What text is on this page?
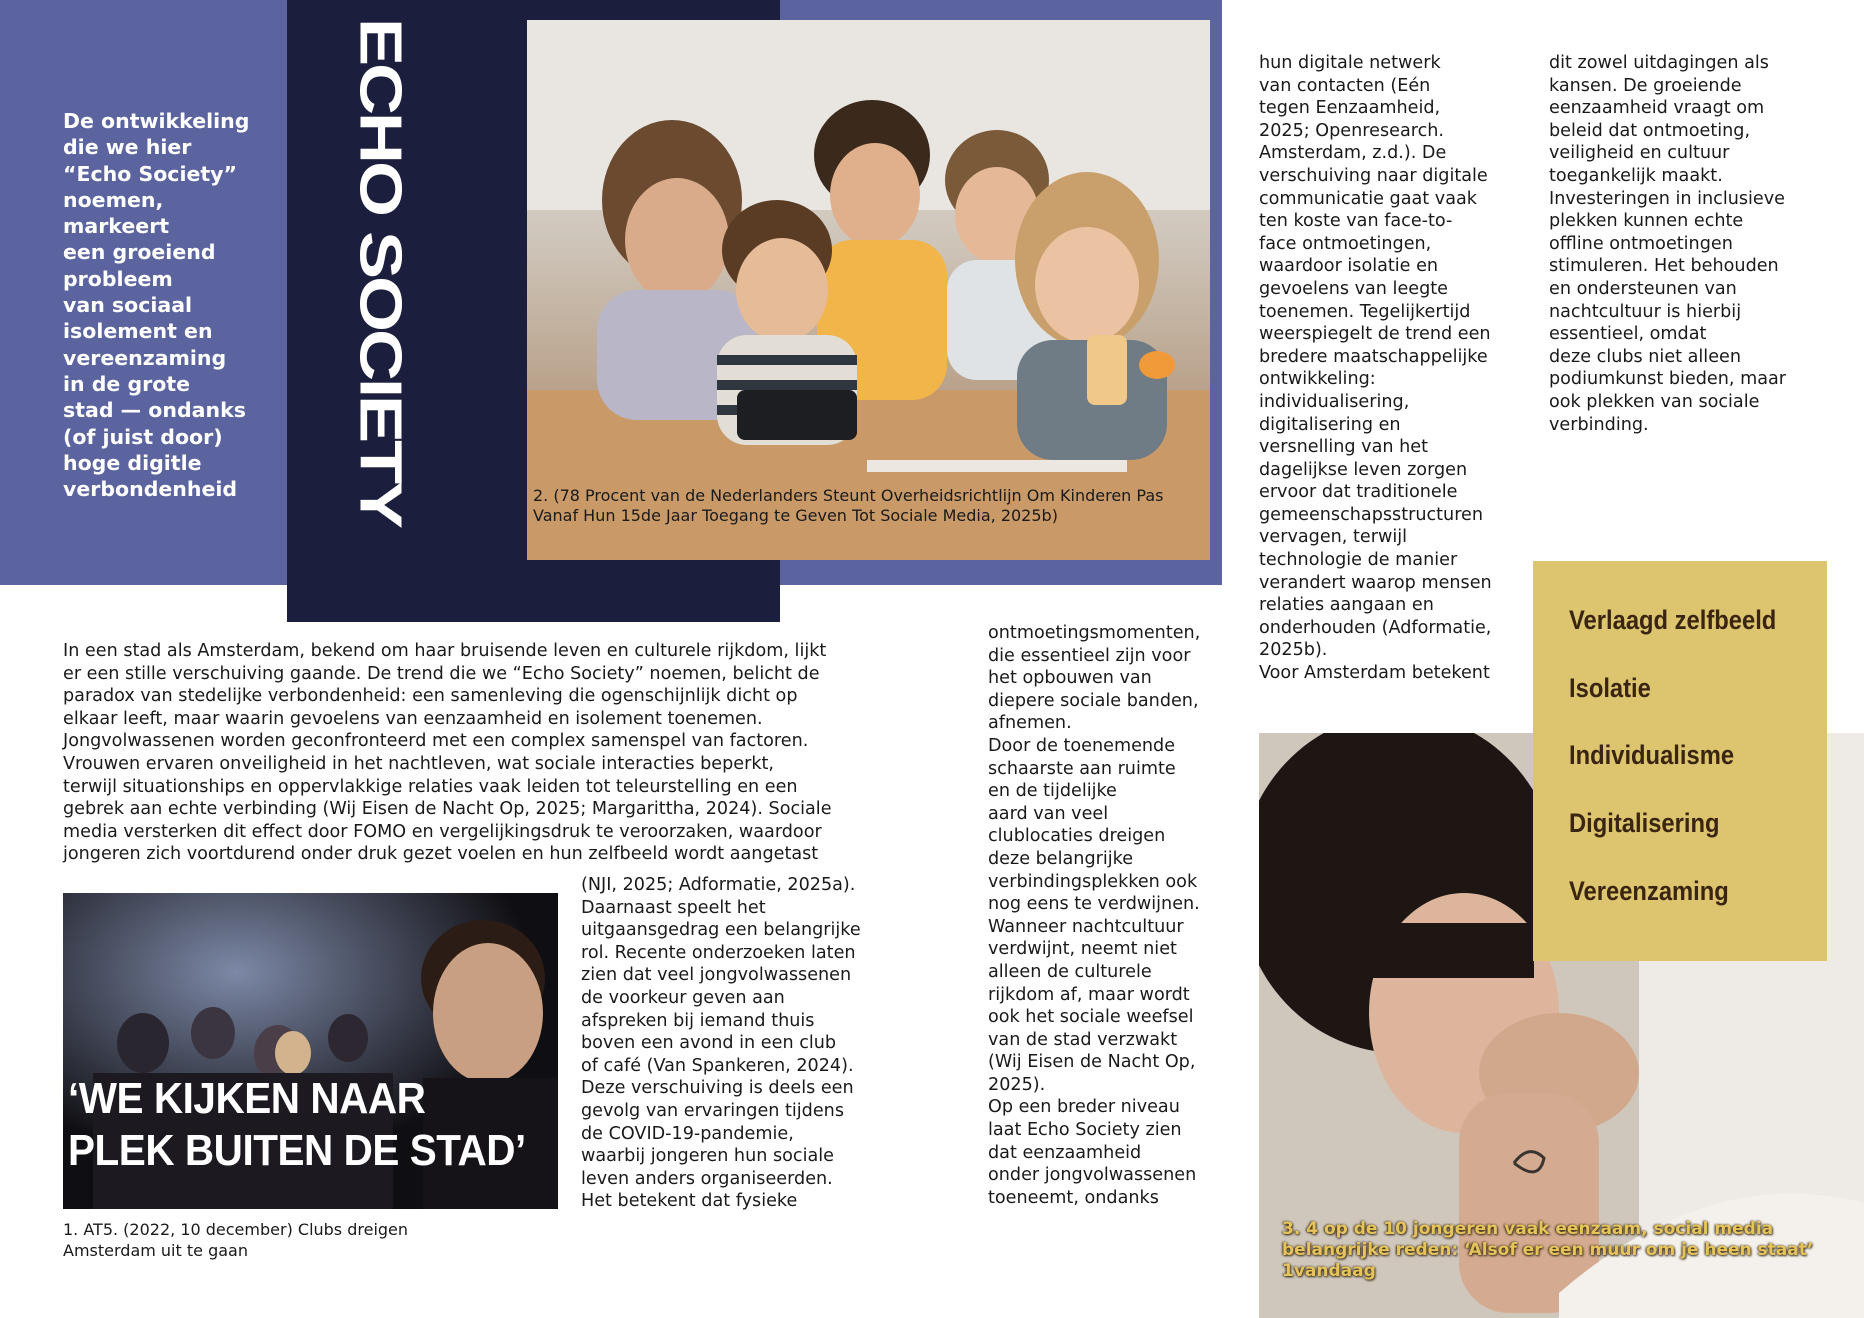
De ontwikkeling
die we hier
“Echo Society”
noemen,
markeert
een groeiend
probleem
van sociaal
isolement en
vereenzaming
in de grote
stad — ondanks
(of juist door)
hoge digitle
verbondenheid	ECHO SOCIETY	2. (78 Procent van de Nederlanders Steunt Overheidsrichtlijn Om Kinderen Pas Vanaf Hun 15de Jaar Toegang te Geven Tot Sociale Media, 2025b)
In een stad als Amsterdam, bekend om haar bruisende leven en culturele rijkdom, lijkt
er een stille verschuiving gaande. De trend die we “Echo Society” noemen, belicht de
paradox van stedelijke verbondenheid: een samenleving die ogenschijnlijk dicht op
elkaar leeft, maar waarin gevoelens van eenzaamheid en isolement toenemen.
Jongvolwassenen worden geconfronteerd met een complex samenspel van factoren.
Vrouwen ervaren onveiligheid in het nachtleven, wat sociale interacties beperkt,
terwijl situationships en oppervlakkige relaties vaak leiden tot teleurstelling en een
gebrek aan echte verbinding (Wij Eisen de Nacht Op, 2025; Margarittha, 2024). Sociale
media versterken dit effect door FOMO en vergelijkingsdruk te veroorzaken, waardoor
jongeren zich voortdurend onder druk gezet voelen en hun zelfbeeld wordt aangetast
‘WE KIJKEN NAAR
PLEK BUITEN DE STAD’
1. AT5. (2022, 10 december) Clubs dreigen
Amsterdam uit te gaan
(NJI, 2025; Adformatie, 2025a).
Daarnaast speelt het
uitgaansgedrag een belangrijke
rol. Recente onderzoeken laten
zien dat veel jongvolwassenen
de voorkeur geven aan
afspreken bij iemand thuis
boven een avond in een club
of café (Van Spankeren, 2024).
Deze verschuiving is deels een
gevolg van ervaringen tijdens
de COVID-19-pandemie,
waarbij jongeren hun sociale
leven anders organiseerden.
Het betekent dat fysieke
ontmoetingsmomenten,
die essentieel zijn voor
het opbouwen van
diepere sociale banden,
afnemen.
Door de toenemende
schaarste aan ruimte
en de tijdelijke
aard van veel
clublocaties dreigen
deze belangrijke
verbindingsplekken ook
nog eens te verdwijnen.
Wanneer nachtcultuur
verdwijnt, neemt niet
alleen de culturele
rijkdom af, maar wordt
ook het sociale weefsel
van de stad verzwakt
(Wij Eisen de Nacht Op,
2025).
Op een breder niveau
laat Echo Society zien
dat eenzaamheid
onder jongvolwassenen
toeneemt, ondanks
hun digitale netwerk
van contacten (Eén
tegen Eenzaamheid,
2025; Openresearch.
Amsterdam, z.d.). De
verschuiving naar digitale
communicatie gaat vaak
ten koste van face-to-
face ontmoetingen,
waardoor isolatie en
gevoelens van leegte
toenemen. Tegelijkertijd
weerspiegelt de trend een
bredere maatschappelijke
ontwikkeling:
individualisering,
digitalisering en
versnelling van het
dagelijkse leven zorgen
ervoor dat traditionele
gemeenschapsstructuren
vervagen, terwijl
technologie de manier
verandert waarop mensen
relaties aangaan en
onderhouden (Adformatie,
2025b).
Voor Amsterdam betekent
dit zowel uitdagingen als
kansen. De groeiende
eenzaamheid vraagt om
beleid dat ontmoeting,
veiligheid en cultuur
toegankelijk maakt.
Investeringen in inclusieve
plekken kunnen echte
offline ontmoetingen
stimuleren. Het behouden
en ondersteunen van
nachtcultuur is hierbij
essentieel, omdat
deze clubs niet alleen
podiumkunst bieden, maar
ook plekken van sociale
verbinding.
3. 4 op de 10 jongeren vaak eenzaam, social media
belangrijke reden: ‘Alsof er een muur om je heen staat’
1vandaag
Verlaagd zelfbeeld
Isolatie
Individualisme
Digitalisering
Vereenzaming
